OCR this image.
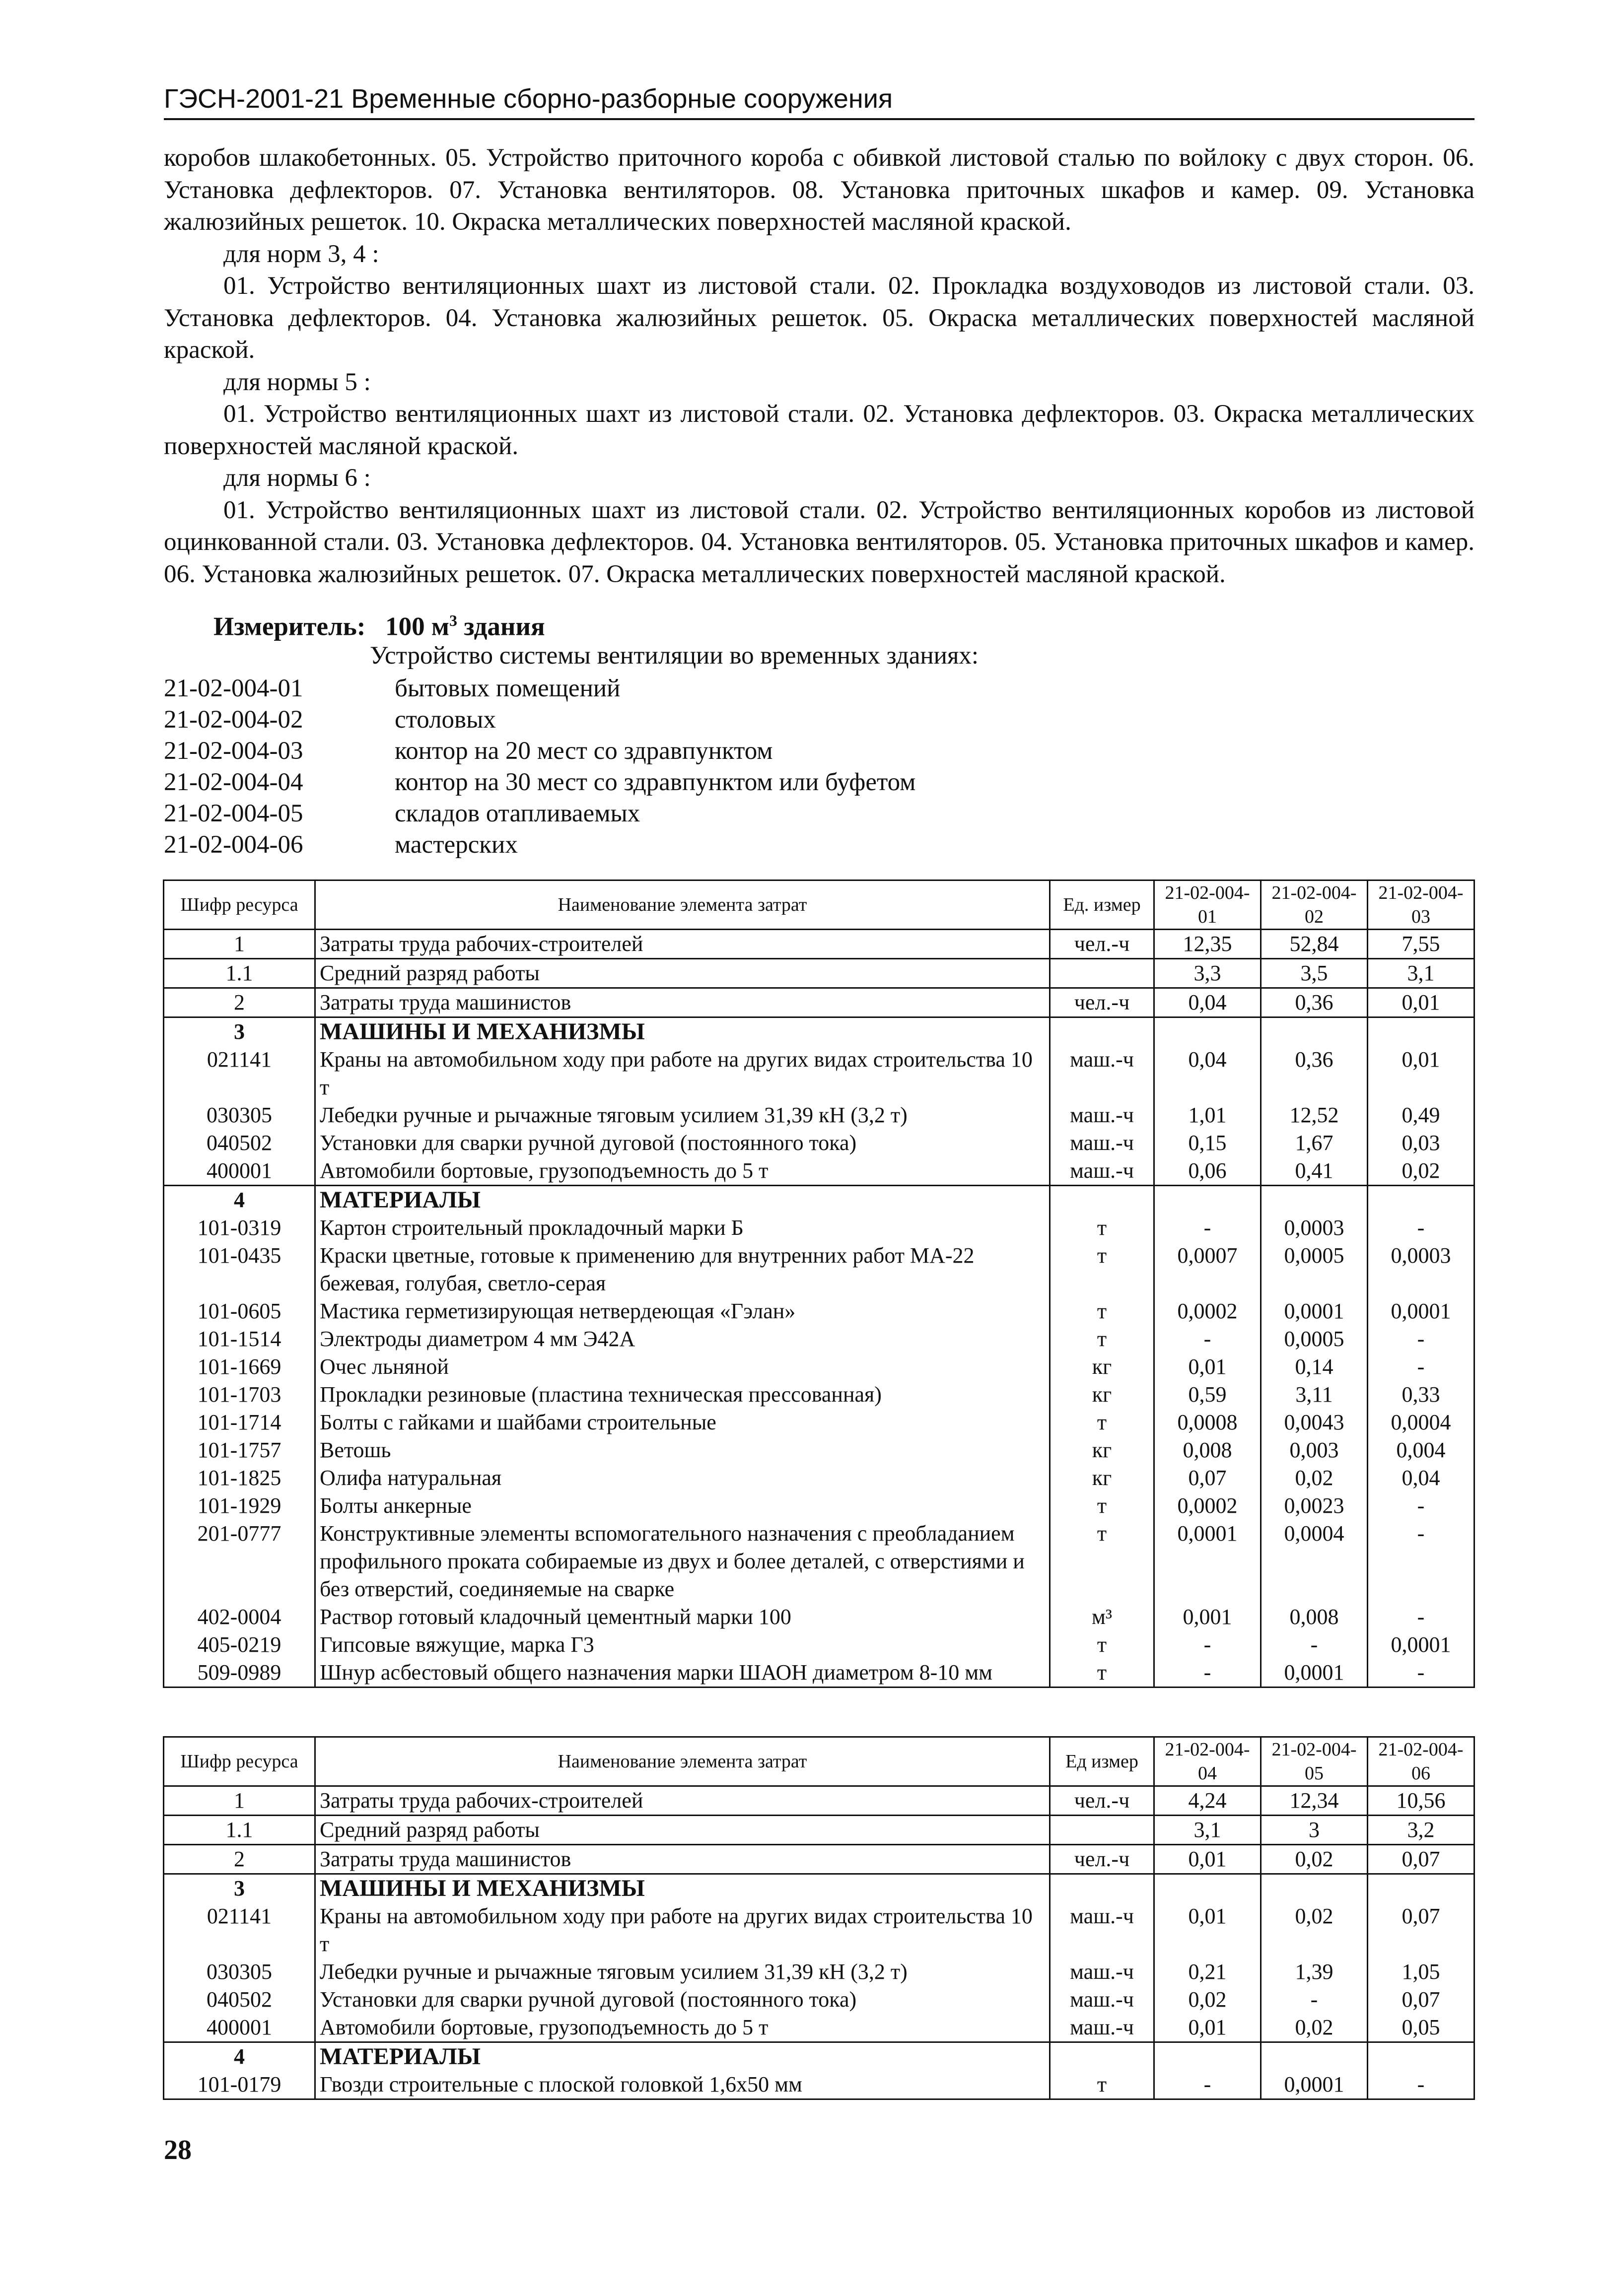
ГЭСН-2001-21 Временные сборно-разборные сооружения

коробов шлакобетонных. 05. Устройство приточного короба с обивкой листовой сталью по войлоку с двух сторон. 06. Установка дефлекторов. 07. Установка вентиляторов. 08. Установка приточных шкафов и камер. 09. Установка жалюзийных решеток. 10. Окраска металлических поверхностей масляной краской.

для норм 3, 4 :

01. Устройство вентиляционных шахт из листовой стали. 02. Прокладка воздуховодов из листовой стали. 03. Установка дефлекторов. 04. Установка жалюзийных решеток. 05. Окраска металлических поверхностей масляной краской.

для нормы 5 :

01. Устройство вентиляционных шахт из листовой стали. 02. Установка дефлекторов. 03. Окраска металлических поверхностей масляной краской.

для нормы 6 :

01. Устройство вентиляционных шахт из листовой стали. 02. Устройство вентиляционных коробов из листовой оцинкованной стали. 03. Установка дефлекторов. 04. Установка вентиляторов. 05. Установка приточных шкафов и камер. 06. Установка жалюзийных решеток. 07. Окраска металлических поверхностей масляной краской.

Измеритель: 100 $м^3$ здания
Устройство системы вентиляции во временных зданиях:
21-02-004-01	бытовых помещений
21-02-004-02	столовых
21-02-004-03	контор на 20 мест со здравпунктом
21-02-004-04	контор на 30 мест со здравпунктом или буфетом
21-02-004-05	складов отапливаемых
21-02-004-06	мастерских
Шифр ресурса	Наименование элемента затрат	Ед. измер	21-02-004-01	21-02-004-02	21-02-004-03
1	Затраты труда рабочих-строителей	чел.-ч	12,35	52,84	7,55
1.1	Средний разряд работы		3,3	3,5	3,1
2	Затраты труда машинистов	чел.-ч	0,04	0,36	0,01
3	МАШИНЫ И МЕХАНИЗМЫ				
021141	Краны на автомобильном ходу при работе на других видах строительства 10 т	маш.-ч	0,04	0,36	0,01
030305	Лебедки ручные и рычажные тяговым усилием 31,39 кН (3,2 т)	маш.-ч	1,01	12,52	0,49
040502	Установки для сварки ручной дуговой (постоянного тока)	маш.-ч	0,15	1,67	0,03
400001	Автомобили бортовые, грузоподъемность до 5 т	маш.-ч	0,06	0,41	0,02
4	МАТЕРИАЛЫ				
101-0319	Картон строительный прокладочный марки Б	т	-	0,0003	-
101-0435	Краски цветные, готовые к применению для внутренних работ МА-22 бежевая, голубая, светло-серая	т	0,0007	0,0005	0,0003
101-0605	Мастика герметизирующая нетвердеющая «Гэлан»	т	0,0002	0,0001	0,0001
101-1514	Электроды диаметром 4 мм Э42А	т	-	0,0005	-
101-1669	Очес льняной	кг	0,01	0,14	-
101-1703	Прокладки резиновые (пластина техническая прессованная)	кг	0,59	3,11	0,33
101-1714	Болты с гайками и шайбами строительные	т	0,0008	0,0043	0,0004
101-1757	Ветошь	кг	0,008	0,003	0,004
101-1825	Олифа натуральная	кг	0,07	0,02	0,04
101-1929	Болты анкерные	т	0,0002	0,0023	-
201-0777	Конструктивные элементы вспомогательного назначения с преобладанием профильного проката собираемые из двух и более деталей, с отверстиями и без отверстий, соединяемые на сварке	т	0,0001	0,0004	-
402-0004	Раствор готовый кладочный цементный марки 100	м³	0,001	0,008	-
405-0219	Гипсовые вяжущие, марка Г3	т	-	-	0,0001
509-0989	Шнур асбестовый общего назначения марки ШАОН диаметром 8-10 мм	т	-	0,0001	-
Шифр ресурса	Наименование элемента затрат	Ед измер	21-02-004-04	21-02-004-05	21-02-004-06
1	Затраты труда рабочих-строителей	чел.-ч	4,24	12,34	10,56
1.1	Средний разряд работы		3,1	3	3,2
2	Затраты труда машинистов	чел.-ч	0,01	0,02	0,07
3	МАШИНЫ И МЕХАНИЗМЫ				
021141	Краны на автомобильном ходу при работе на других видах строительства 10 т	маш.-ч	0,01	0,02	0,07
030305	Лебедки ручные и рычажные тяговым усилием 31,39 кН (3,2 т)	маш.-ч	0,21	1,39	1,05
040502	Установки для сварки ручной дуговой (постоянного тока)	маш.-ч	0,02	-	0,07
400001	Автомобили бортовые, грузоподъемность до 5 т	маш.-ч	0,01	0,02	0,05
4	МАТЕРИАЛЫ				
101-0179	Гвозди строительные с плоской головкой 1,6х50 мм	т	-	0,0001	-
28
